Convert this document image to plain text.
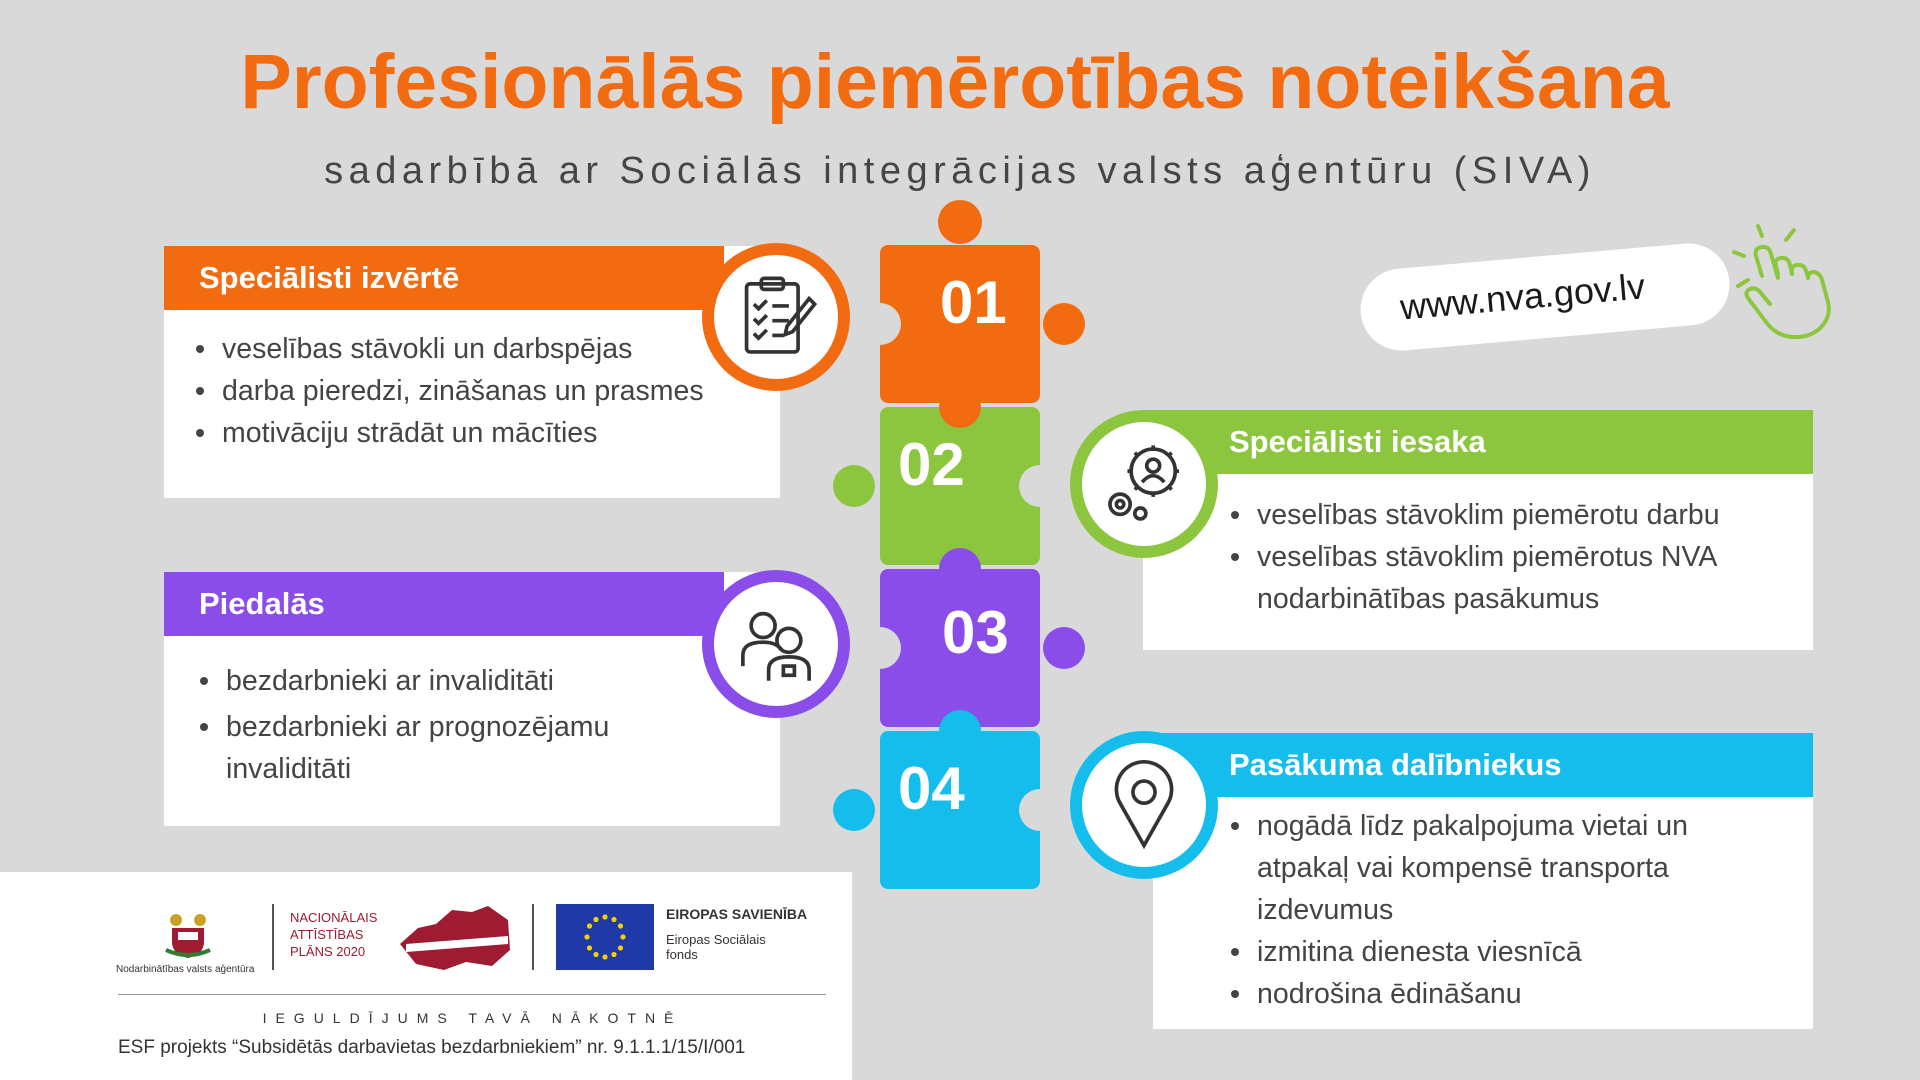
Profesionālās piemērotības noteikšana
sadarbībā ar Sociālās integrācijas valsts aģentūru (SIVA)
01
02
03
04
Speciālisti izvērtē
veselības stāvokli un darbspējas
darba pieredzi, zināšanas un prasmes
motivāciju strādāt un mācīties	Speciālisti iesaka
veselības stāvoklim piemērotu darbu
veselības stāvoklim piemērotus NVA nodarbinātības pasākumus
Piedalās
bezdarbnieki ar invaliditāti
bezdarbnieki ar prognozējamu invaliditāti	Pasākuma dalībniekus
nogādā līdz pakalpojuma vietai un atpakaļ vai kompensē transporta izdevumus
izmitina dienesta viesnīcā
nodrošina ēdināšanu
www.nva.gov.lv
Nodarbinātības valsts aģentūra
NACIONĀLAIS
ATTĪSTĪBAS
PLĀNS 2020
EIROPAS SAVIENĪBA
Eiropas Sociālais
fonds
IEGULDĪJUMS TAVĀ NĀKOTNĒ
ESF projekts “Subsidētās darbavietas bezdarbniekiem” nr. 9.1.1.1/15/I/001
